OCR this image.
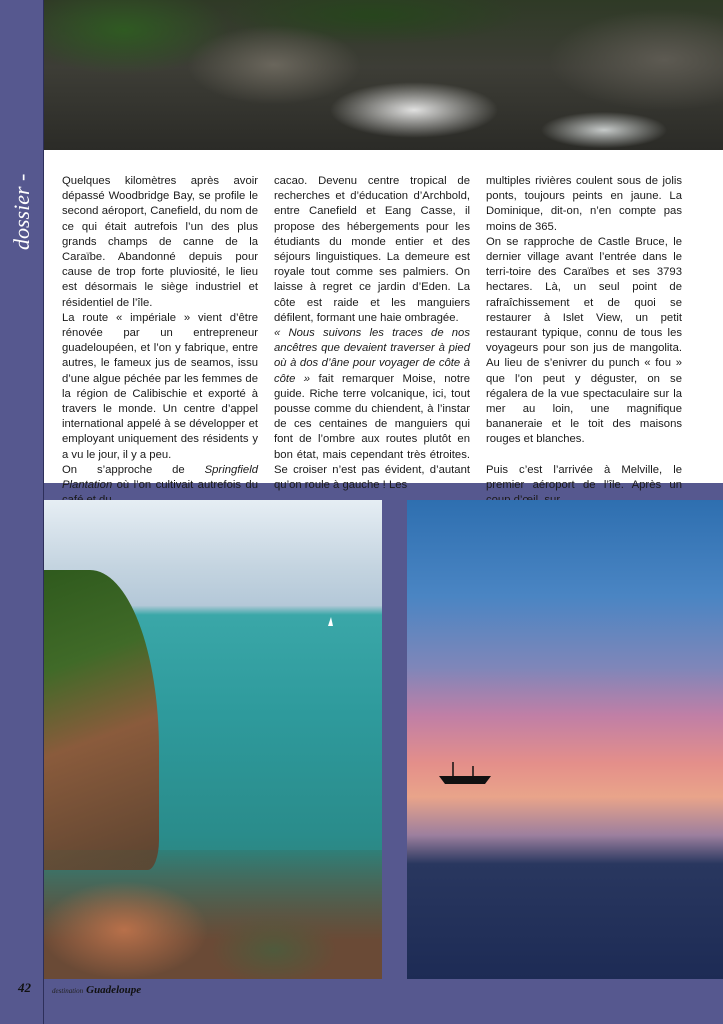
dossier - Quelques kilomètres après avoir dépassé Woodbridge Bay, se profile le second aéroport, Canefield, du nom de ce qui était autrefois l’un des plus grands champs de canne de la Caraïbe. Abandonné depuis pour cause de trop forte pluviosité, le lieu est désormais le siège industriel et résidentiel de l’île.

La route « impériale » vient d’être rénovée par un entrepreneur guadeloupéen, et l’on y fabrique, entre autres, le fameux jus de seamos, issu d’une algue péchée par les femmes de la région de Calibischie et exporté à travers le monde. Un centre d’appel international appelé à se développer et employant uniquement des résidents y a vu le jour, il y a peu.

On s’approche de Springfield Plantation où l’on cultivait autrefois du

cacao. Devenu centre tropical de recherches et d’éducation d’Archbold, entre Canefield et Eang Casse, il propose des hébergements pour les étudiants du monde entier et des séjours linguistiques. La demeure est royale tout comme ses palmiers. On laisse à regret ce jardin d’Eden. La côte est raide et les manguiers défilent, formant une haie ombragée.
« Nous suivons les traces de nos ancêtres que devaient traverser à pied où à dos d’âne pour voyager de côte à côte » fait remarquer Moise, notre guide. Riche terre volcanique, ici, tout pousse comme du chiendent, à l’instar de ces centaines de manguiers qui font de l’ombre aux routes plutôt en bon état, mais cependant très étroites. Se croiser n’est pas évident, d’autant qu’on roule à gauche ! Les

multiples rivières coulent sous de jolis ponts, toujours peints en jaune. La Dominique, dit-on, n’en compte pas moins de 365.

On se rapproche de Castle Bruce, le dernier village avant l’entrée dans le terri-toire des Caraïbes et ses 3793 hectares. Là, un seul point de rafraîchissement et de quoi se restaurer à Islet View, un petit restaurant typique, connu de tous les voyageurs pour son jus de mangolita. Au lieu de s’enivrer du punch « fou » que l’on peut y déguster, on se régalera de la vue spectaculaire sur la mer au loin, une magnifique bananeraie et le toit des maisons rouges et blanches.

Puis c’est l’arrivée à Melville, le premier aéroport de l’île. Après un

42	destination Guadeloupe
